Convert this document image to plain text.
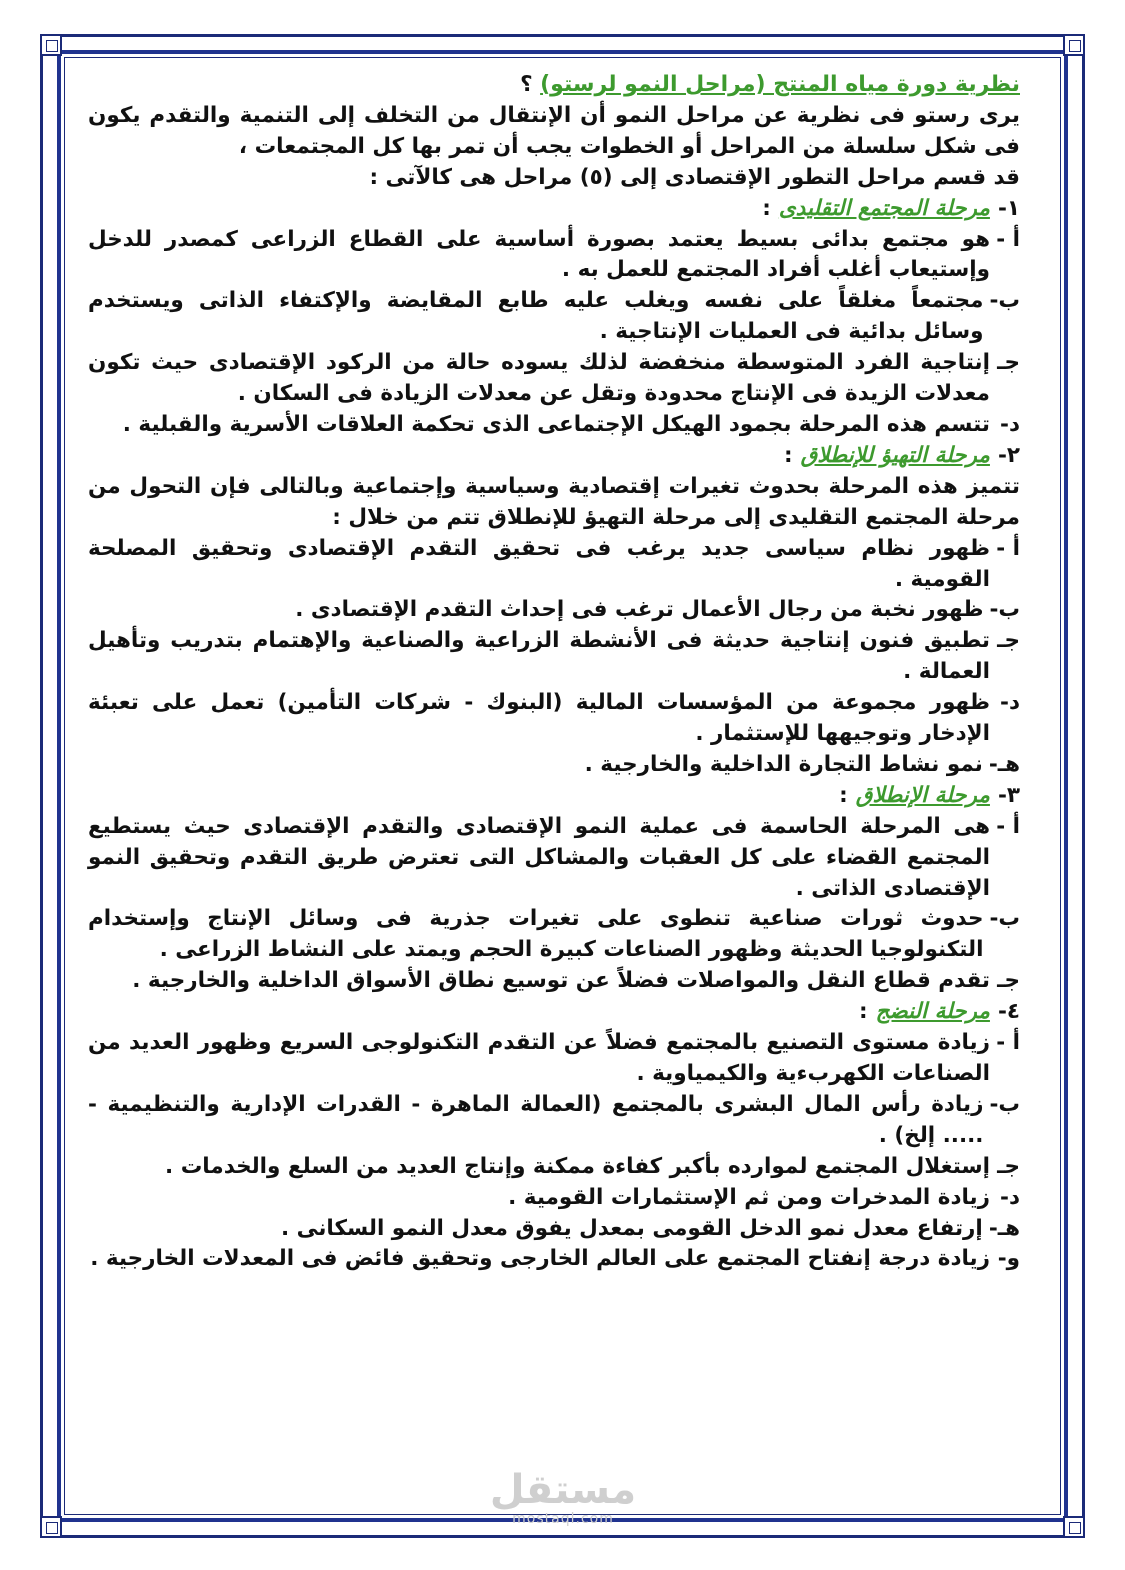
نظرية دورة مياه المنتج (مراحل النمو لرستو) ؟
يرى رستو فى نظرية عن مراحل النمو أن الإنتقال من التخلف إلى التنمية والتقدم يكون فى شكل سلسلة من المراحل أو الخطوات يجب أن تمر بها كل المجتمعات ،
قد قسم مراحل التطور الإقتصادى إلى (٥) مراحل هى كالآتى :
١-
مرحلة المجتمع التقليدى
:
أ -
هو مجتمع بدائى بسيط يعتمد بصورة أساسية على القطاع الزراعى كمصدر للدخل وإستيعاب أغلب أفراد المجتمع للعمل به .
ب-
مجتمعاً مغلقاً على نفسه ويغلب عليه طابع المقايضة والإكتفاء الذاتى ويستخدم وسائل بدائية فى العمليات الإنتاجية .
جـ
إنتاجية الفرد المتوسطة منخفضة لذلك يسوده حالة من الركود الإقتصادى حيث تكون معدلات الزيدة فى الإنتاج محدودة وتقل عن معدلات الزيادة فى السكان .
د-
تتسم هذه المرحلة بجمود الهيكل الإجتماعى الذى تحكمة العلاقات الأسرية والقبلية .
٢-
مرحلة التهيؤ للإنطلاق
:
تتميز هذه المرحلة بحدوث تغيرات إقتصادية وسياسية وإجتماعية وبالتالى فإن التحول من مرحلة المجتمع التقليدى إلى مرحلة التهيؤ للإنطلاق تتم من خلال :
أ -
ظهور نظام سياسى جديد يرغب فى تحقيق التقدم الإقتصادى وتحقيق المصلحة القومية .
ب-
ظهور نخبة من رجال الأعمال ترغب فى إحداث التقدم الإقتصادى .
جـ
تطبيق فنون إنتاجية حديثة فى الأنشطة الزراعية والصناعية والإهتمام بتدريب وتأهيل العمالة .
د-
ظهور مجموعة من المؤسسات المالية (البنوك - شركات التأمين) تعمل على تعبئة الإدخار وتوجيهها للإستثمار .
هـ-
نمو نشاط التجارة الداخلية والخارجية .
٣-
مرحلة الإنطلاق
:
أ -
هى المرحلة الحاسمة فى عملية النمو الإقتصادى والتقدم الإقتصادى حيث يستطيع المجتمع القضاء على كل العقبات والمشاكل التى تعترض طريق التقدم وتحقيق النمو الإقتصادى الذاتى .
ب-
حدوث ثورات صناعية تنطوى على تغيرات جذرية فى وسائل الإنتاج وإستخدام التكنولوجيا الحديثة وظهور الصناعات كبيرة الحجم ويمتد على النشاط الزراعى .
جـ
تقدم قطاع النقل والمواصلات فضلاً عن توسيع نطاق الأسواق الداخلية والخارجية .
٤-
مرحلة النضج
:
أ -
زيادة مستوى التصنيع بالمجتمع فضلاً عن التقدم التكنولوجى السريع وظهور العديد من الصناعات الكهربءية والكيمياوية .
ب-
زيادة رأس المال البشرى بالمجتمع (العمالة الماهرة - القدرات الإدارية والتنظيمية - ..... إلخ) .
جـ
إستغلال المجتمع لموارده بأكبر كفاءة ممكنة وإنتاج العديد من السلع والخدمات .
د-
زيادة المدخرات ومن ثم الإستثمارات القومية .
هـ-
إرتفاع معدل نمو الدخل القومى بمعدل يفوق معدل النمو السكانى .
و-
زيادة درجة إنفتاح المجتمع على العالم الخارجى وتحقيق فائض فى المعدلات الخارجية .
مستقل
mostaql.com
